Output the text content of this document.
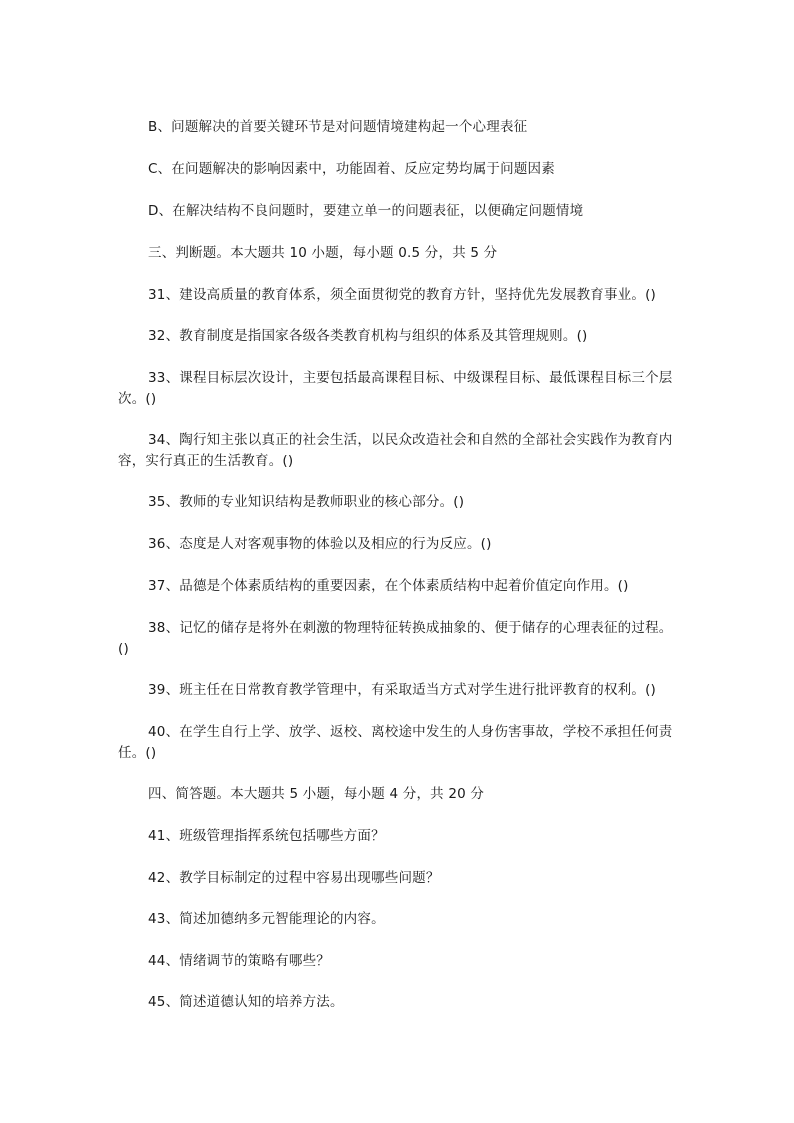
B、问题解决的首要关键环节是对问题情境建构起一个心理表征

C、在问题解决的影响因素中，功能固着、反应定势均属于问题因素

D、在解决结构不良问题时，要建立单一的问题表征，以便确定问题情境

三、判断题。本大题共 10 小题，每小题 0.5 分，共 5 分

31、建设高质量的教育体系，须全面贯彻党的教育方针，坚持优先发展教育事业。()

32、教育制度是指国家各级各类教育机构与组织的体系及其管理规则。()

33、课程目标层次设计，主要包括最高课程目标、中级课程目标、最低课程目标三个层次。()

34、陶行知主张以真正的社会生活，以民众改造社会和自然的全部社会实践作为教育内容，实行真正的生活教育。()

35、教师的专业知识结构是教师职业的核心部分。()

36、态度是人对客观事物的体验以及相应的行为反应。()

37、品德是个体素质结构的重要因素，在个体素质结构中起着价值定向作用。()

38、记忆的储存是将外在刺激的物理特征转换成抽象的、便于储存的心理表征的过程。()

39、班主任在日常教育教学管理中，有采取适当方式对学生进行批评教育的权利。()

40、在学生自行上学、放学、返校、离校途中发生的人身伤害事故，学校不承担任何责任。()

四、简答题。本大题共 5 小题，每小题 4 分，共 20 分

41、班级管理指挥系统包括哪些方面？

42、教学目标制定的过程中容易出现哪些问题？

43、简述加德纳多元智能理论的内容。

44、情绪调节的策略有哪些？

45、简述道德认知的培养方法。
